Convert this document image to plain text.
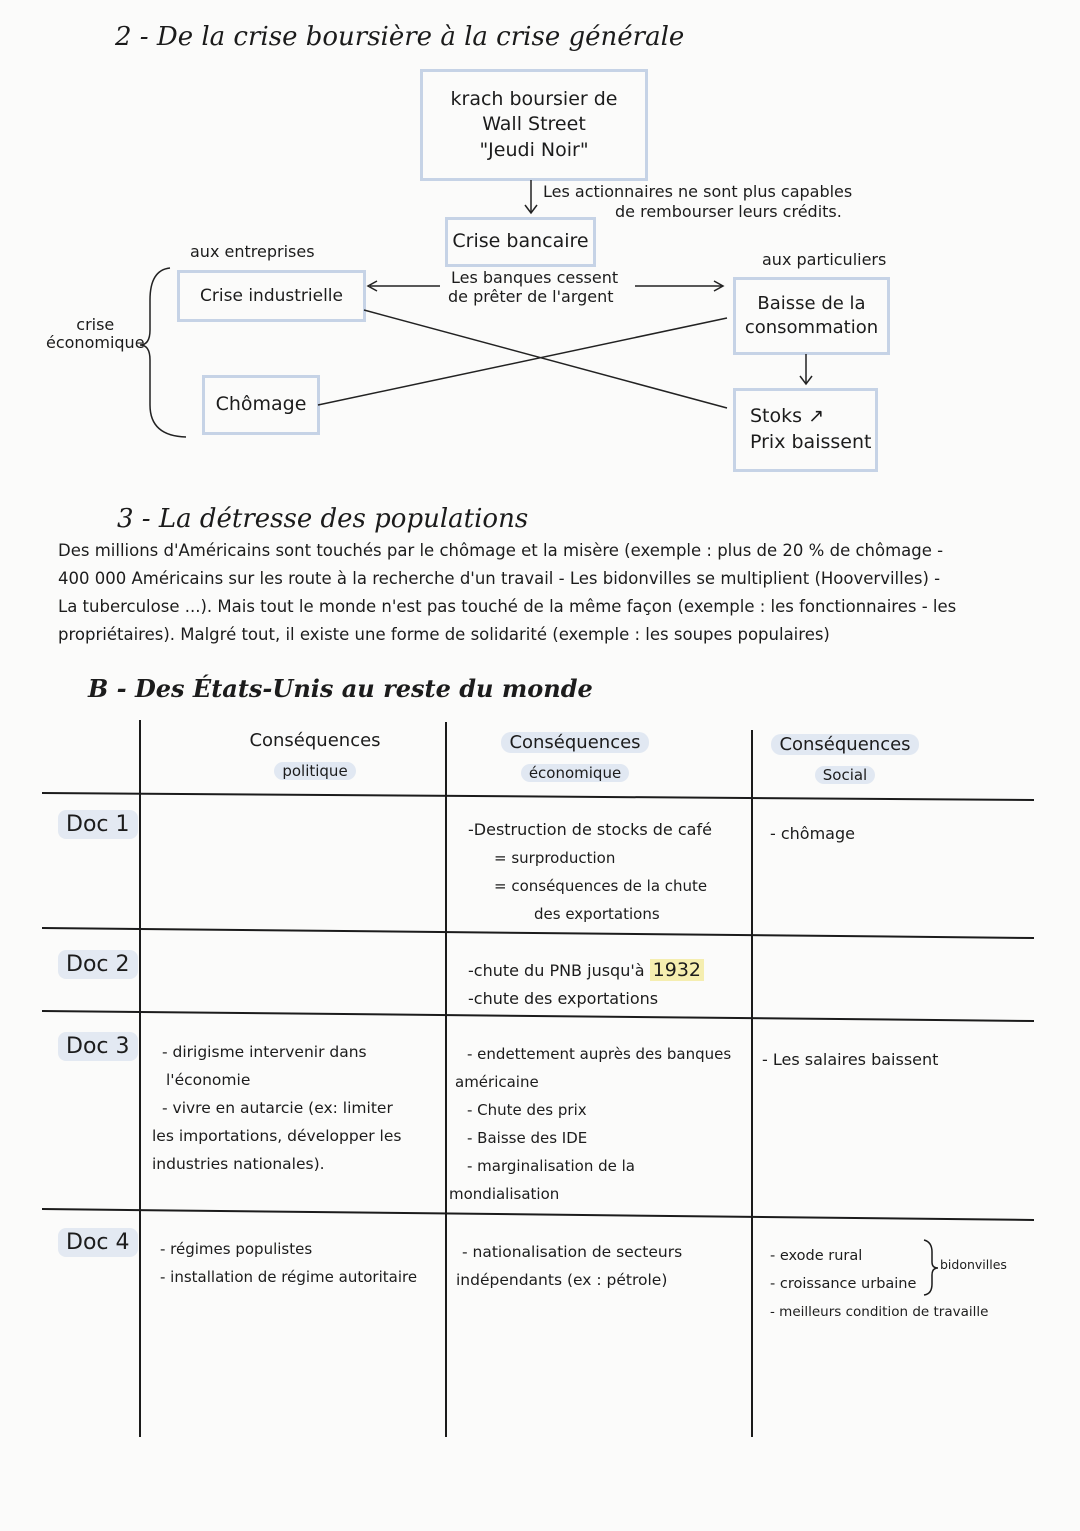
2 - De la crise boursière à la crise générale
krach boursier de
Wall Street
"Jeudi Noir"
Les actionnaires ne sont plus capables
de rembourser leurs crédits.
Crise bancaire
Les banques cessent
de prêter de l'argent
aux entreprises	aux particuliers
Crise industrielle
Chômage
crise
économique
Baisse de la
consommation
Stoks ↗
Prix baissent
3 - La détresse des populations
Des millions d'Américains sont touchés par le chômage et la misère (exemple : plus de 20 % de chômage -
400 000 Américains sur les route à la recherche d'un travail - Les bidonvilles se multiplient (Hoovervilles) -
La tuberculose ...). Mais tout le monde n'est pas touché de la même façon (exemple : les fonctionnaires - les
propriétaires). Malgré tout, il existe une forme de solidarité (exemple : les soupes populaires)
B - Des États-Unis au reste du monde
Conséquences
politique
Conséquences
économique
Conséquences
Social
Doc 1
Doc 2
Doc 3
Doc 4
-Destruction de stocks de café
= surproduction
= conséquences de la chute
des exportations
- chômage
-chute du PNB jusqu'à 1932
-chute des exportations
- dirigisme intervenir dans
l'économie
- vivre en autarcie (ex: limiter
les importations, développer les
industries nationales).
- endettement auprès des banques
américaine
- Chute des prix
- Baisse des IDE
- marginalisation de la
mondialisation
- Les salaires baissent
- régimes populistes
- installation de régime autoritaire
- nationalisation de secteurs
indépendants (ex : pétrole)
- exode rural
- croissance urbaine
- meilleurs condition de travaille
bidonvilles
